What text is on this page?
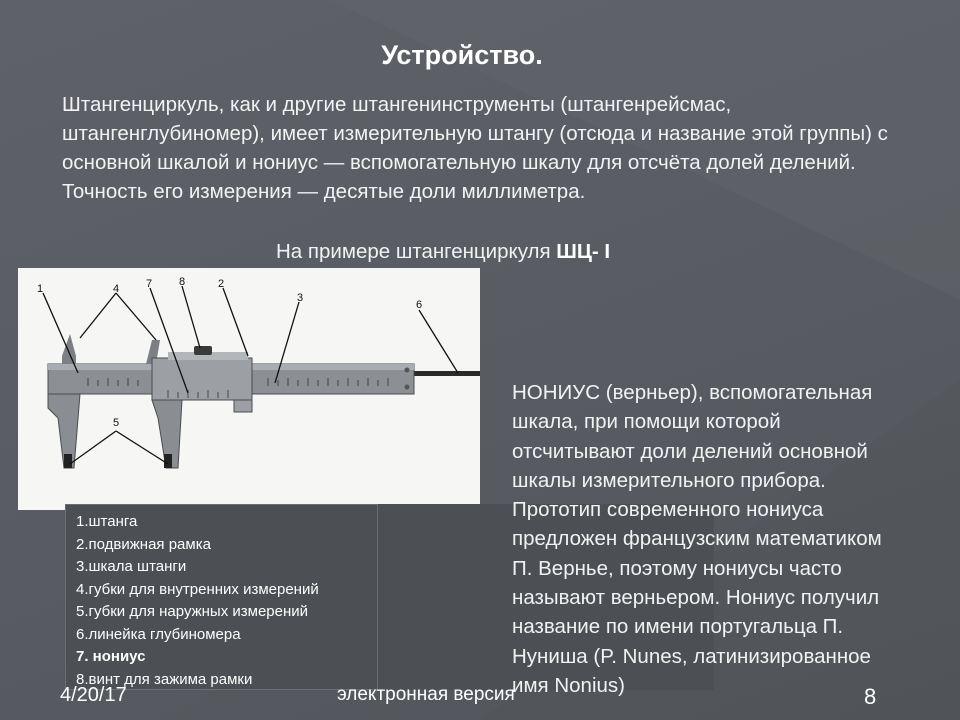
Устройство.
Штангенциркуль, как и другие штангенинструменты (штангенрейсмас, штангенглубиномер), имеет измерительную штангу (отсюда и название этой группы) с основной шкалой и нониус — вспомогательную шкалу для отсчёта долей делений. Точность его измерения — десятые доли миллиметра.
На примере штангенциркуля ШЦ- I
1	2
3
4
5
6
7 8
1.штанга
2.подвижная рамка
3.шкала штанги
4.губки для внутренних измерений
5.губки для наружных измерений
6.линейка глубиномера
7. нониус
8.винт для зажима рамки
НОНИУС (верньер), вспомогательная
шкала, при помощи которой
отсчитывают доли делений основной
шкалы измерительного прибора.
Прототип современного нониуса
предложен французским математиком
П. Вернье, поэтому нониусы часто
называют верньером. Нониус получил
название по имени португальца П.
Нуниша (P. Nunes, латинизированное
имя Nonius)
4/20/17	электронная версия	8
